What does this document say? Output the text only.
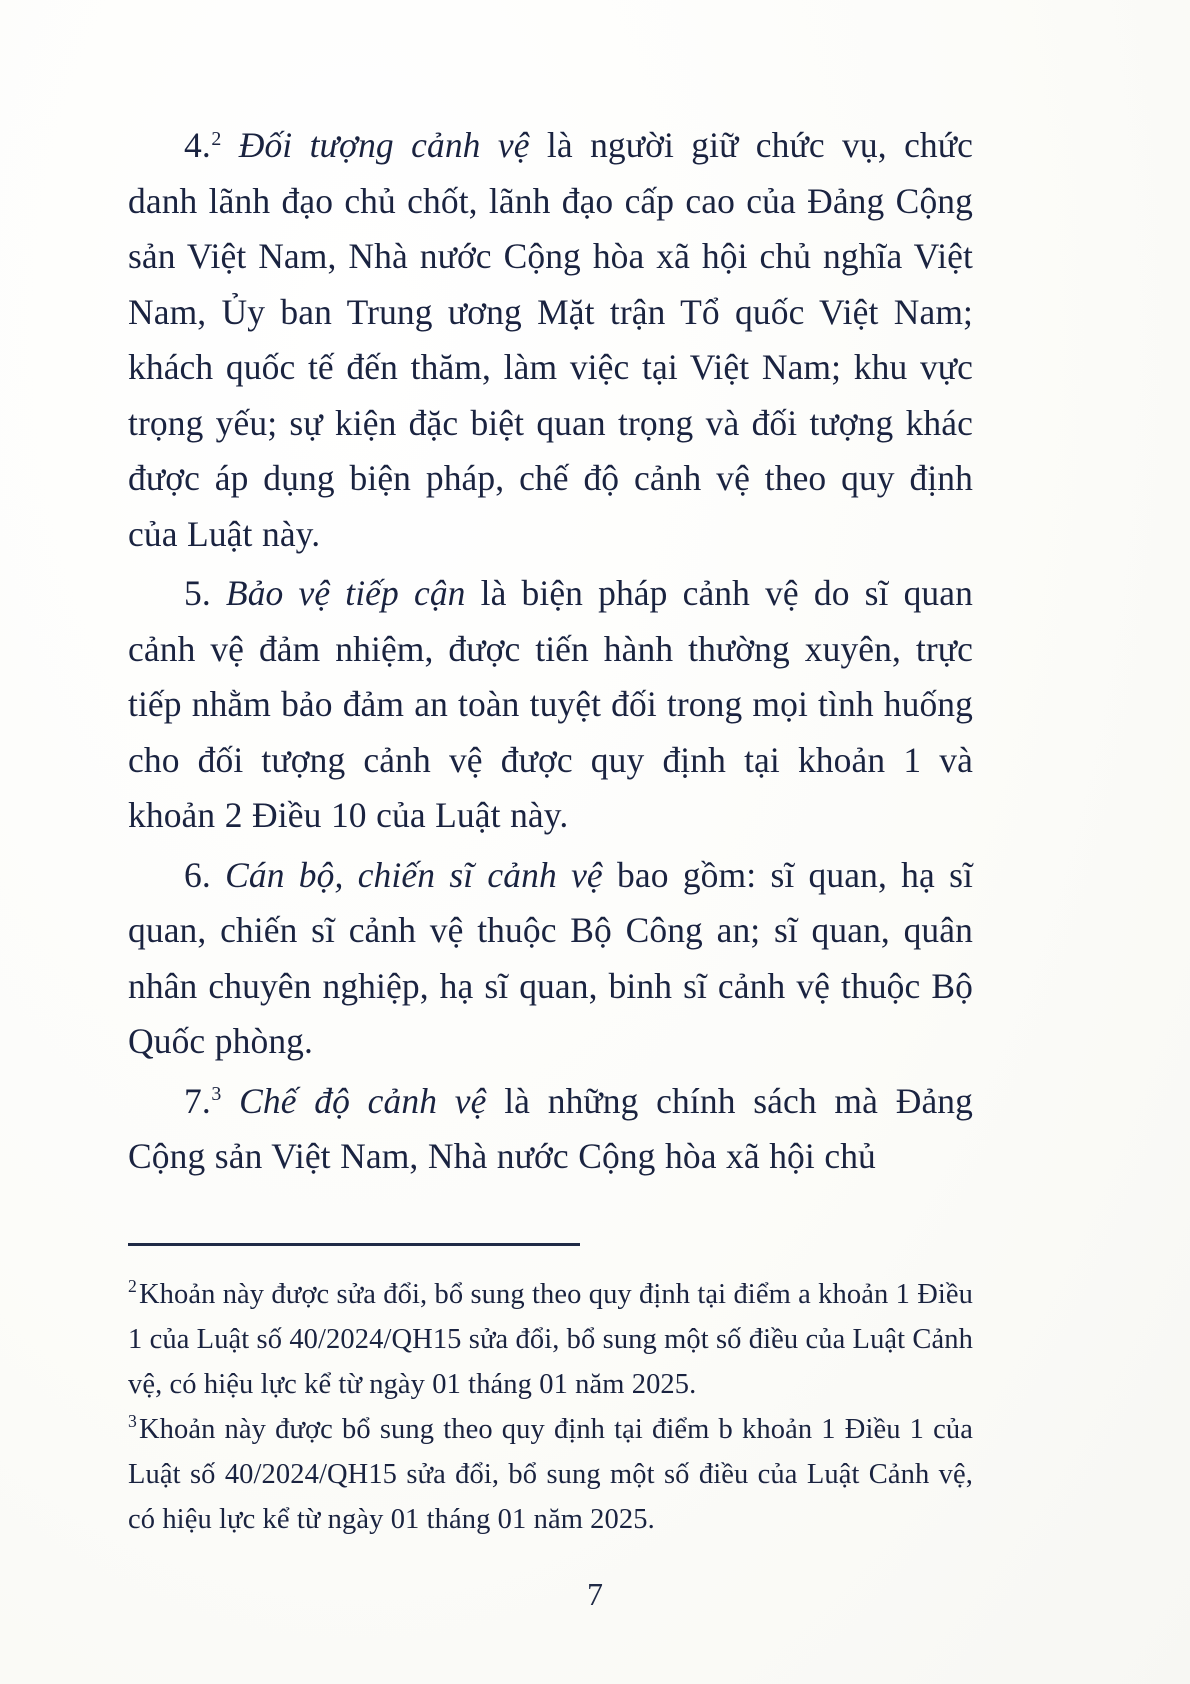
4.$^2$ Đối tượng cảnh vệ là người giữ chức vụ, chức danh lãnh đạo chủ chốt, lãnh đạo cấp cao của Đảng Cộng sản Việt Nam, Nhà nước Cộng hòa xã hội chủ nghĩa Việt Nam, Ủy ban Trung ương Mặt trận Tổ quốc Việt Nam; khách quốc tế đến thăm, làm việc tại Việt Nam; khu vực trọng yếu; sự kiện đặc biệt quan trọng và đối tượng khác được áp dụng biện pháp, chế độ cảnh vệ theo quy định của Luật này.

5. Bảo vệ tiếp cận là biện pháp cảnh vệ do sĩ quan cảnh vệ đảm nhiệm, được tiến hành thường xuyên, trực tiếp nhằm bảo đảm an toàn tuyệt đối trong mọi tình huống cho đối tượng cảnh vệ được quy định tại khoản 1 và khoản 2 Điều 10 của Luật này.

6. Cán bộ, chiến sĩ cảnh vệ bao gồm: sĩ quan, hạ sĩ quan, chiến sĩ cảnh vệ thuộc Bộ Công an; sĩ quan, quân nhân chuyên nghiệp, hạ sĩ quan, binh sĩ cảnh vệ thuộc Bộ Quốc phòng.

7.$^3$ Chế độ cảnh vệ là những chính sách mà Đảng Cộng sản Việt Nam, Nhà nước Cộng hòa xã hội chủ

$^2$Khoản này được sửa đổi, bổ sung theo quy định tại điểm a khoản 1 Điều 1 của Luật số 40/2024/QH15 sửa đổi, bổ sung một số điều của Luật Cảnh vệ, có hiệu lực kể từ ngày 01 tháng 01 năm 2025.

$^3$Khoản này được bổ sung theo quy định tại điểm b khoản 1 Điều 1 của Luật số 40/2024/QH15 sửa đổi, bổ sung một số điều của Luật Cảnh vệ, có hiệu lực kể từ ngày 01 tháng 01 năm 2025.

7
